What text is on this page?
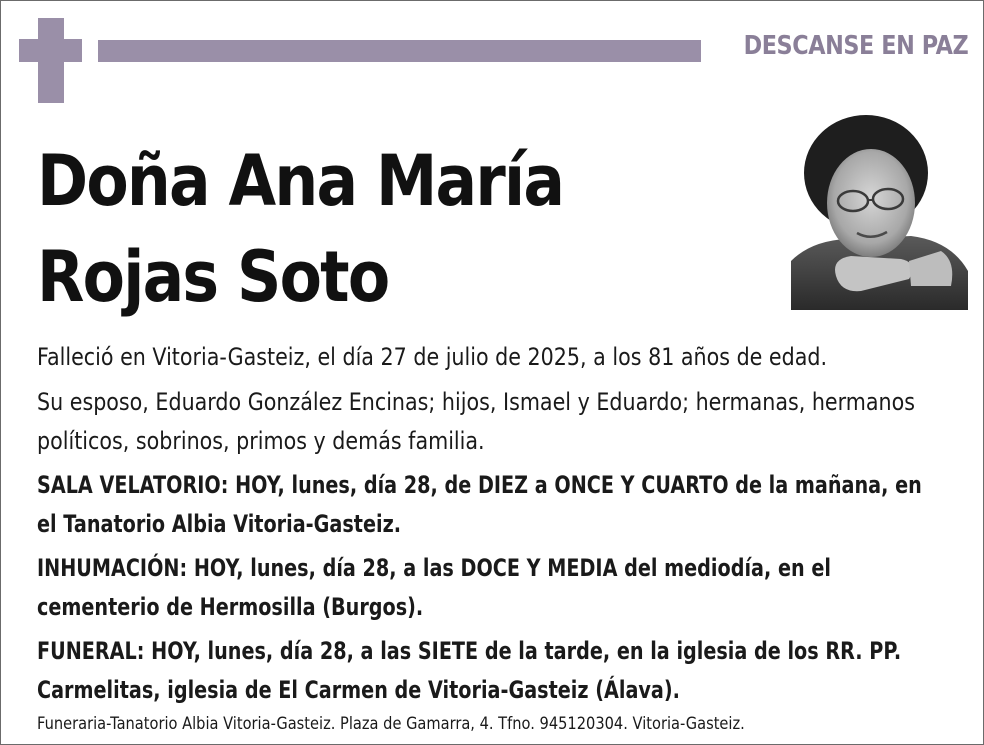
DESCANSE EN PAZ
Doña Ana María
Rojas Soto
Falleció en Vitoria-Gasteiz, el día 27 de julio de 2025, a los 81 años de edad.
Su esposo, Eduardo González Encinas; hijos, Ismael y Eduardo; hermanas, hermanos políticos, sobrinos, primos y demás familia.
SALA VELATORIO: HOY, lunes, día 28, de DIEZ a ONCE Y CUARTO de la mañana, en el Tanatorio Albia Vitoria-Gasteiz.
INHUMACIÓN: HOY, lunes, día 28, a las DOCE Y MEDIA del mediodía, en el cementerio de Hermosilla (Burgos).
FUNERAL: HOY, lunes, día 28, a las SIETE de la tarde, en la iglesia de los RR. PP. Carmelitas, iglesia de El Carmen de Vitoria-Gasteiz (Álava).
Funeraria-Tanatorio Albia Vitoria-Gasteiz. Plaza de Gamarra, 4. Tfno. 945120304. Vitoria-Gasteiz.
